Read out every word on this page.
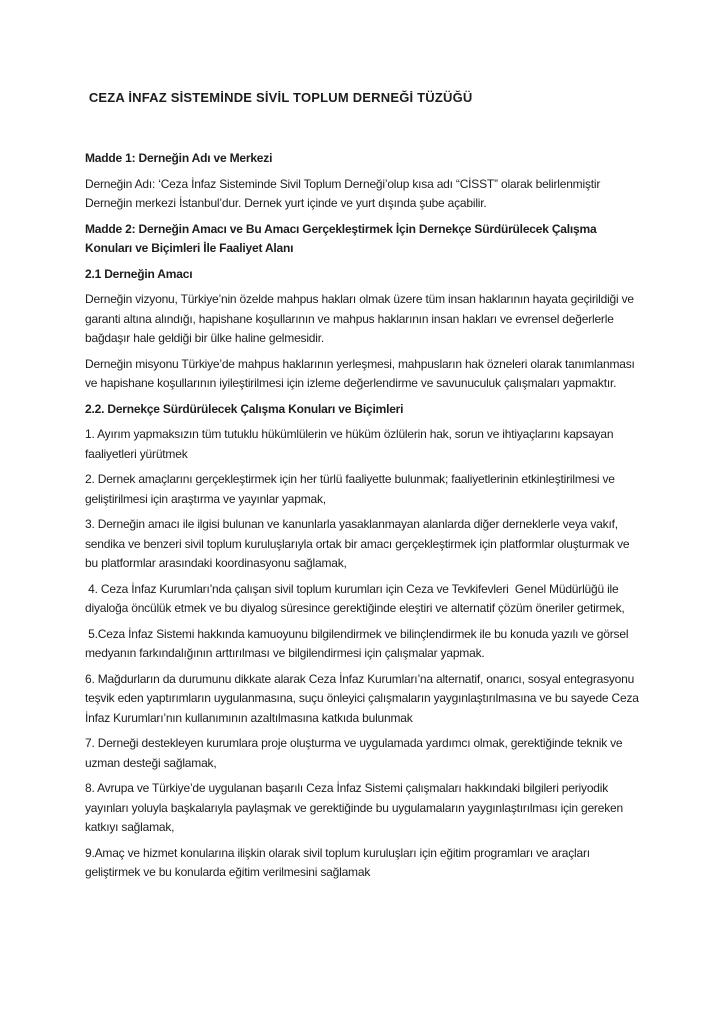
CEZA İNFAZ SİSTEMİNDE SİVİL TOPLUM DERNEĞİ TÜZÜĞÜ
Madde 1: Derneğin Adı ve Merkezi

Derneğin Adı: ‘Ceza İnfaz Sisteminde Sivil Toplum Derneği’olup kısa adı “CİSST” olarak belirlenmiştir Derneğin merkezi İstanbul’dur. Dernek yurt içinde ve yurt dışında şube açabilir.

Madde 2: Derneğin Amacı ve Bu Amacı Gerçekleştirmek İçin Dernekçe Sürdürülecek Çalışma Konuları ve Biçimleri İle Faaliyet Alanı
2.1 Derneğin Amacı

Derneğin vizyonu, Türkiye’nin özelde mahpus hakları olmak üzere tüm insan haklarının hayata geçirildiği ve garanti altına alındığı, hapishane koşullarının ve mahpus haklarının insan hakları ve evrensel değerlerle bağdaşır hale geldiği bir ülke haline gelmesidir.

Derneğin misyonu Türkiye’de mahpus haklarının yerleşmesi, mahpusların hak özneleri olarak tanımlanması ve hapishane koşullarının iyileştirilmesi için izleme değerlendirme ve savunuculuk çalışmaları yapmaktır.

2.2. Dernekçe Sürdürülecek Çalışma Konuları ve Biçimleri

1. Ayırım yapmaksızın tüm tutuklu hükümlülerin ve hüküm özlülerin hak, sorun ve ihtiyaçlarını kapsayan faaliyetleri yürütmek

2. Dernek amaçlarını gerçekleştirmek için her türlü faaliyette bulunmak; faaliyetlerinin etkinleştirilmesi ve geliştirilmesi için araştırma ve yayınlar yapmak,

3. Derneğin amacı ile ilgisi bulunan ve kanunlarla yasaklanmayan alanlarda diğer derneklerle veya vakıf, sendika ve benzeri sivil toplum kuruluşlarıyla ortak bir amacı gerçekleştirmek için platformlar oluşturmak ve bu platformlar arasındaki koordinasyonu sağlamak,

4. Ceza İnfaz Kurumları’nda çalışan sivil toplum kurumları için Ceza ve Tevkifevleri  Genel Müdürlüğü ile diyaloğa öncülük etmek ve bu diyalog süresince gerektiğinde eleştiri ve alternatif çözüm öneriler getirmek,

5.Ceza İnfaz Sistemi hakkında kamuoyunu bilgilendirmek ve bilinçlendirmek ile bu konuda yazılı ve görsel medyanın farkındalığının arttırılması ve bilgilendirmesi için çalışmalar yapmak.

6. Mağdurların da durumunu dikkate alarak Ceza İnfaz Kurumları’na alternatif, onarıcı, sosyal entegrasyonu teşvik eden yaptırımların uygulanmasına, suçu önleyici çalışmaların yaygınlaştırılmasına ve bu sayede Ceza İnfaz Kurumları’nın kullanımının azaltılmasına katkıda bulunmak

7. Derneği destekleyen kurumlara proje oluşturma ve uygulamada yardımcı olmak, gerektiğinde teknik ve uzman desteği sağlamak,

8. Avrupa ve Türkiye’de uygulanan başarılı Ceza İnfaz Sistemi çalışmaları hakkındaki bilgileri periyodik yayınları yoluyla başkalarıyla paylaşmak ve gerektiğinde bu uygulamaların yaygınlaştırılması için gereken katkıyı sağlamak,

9.Amaç ve hizmet konularına ilişkin olarak sivil toplum kuruluşları için eğitim programları ve araçları geliştirmek ve bu konularda eğitim verilmesini sağlamak
